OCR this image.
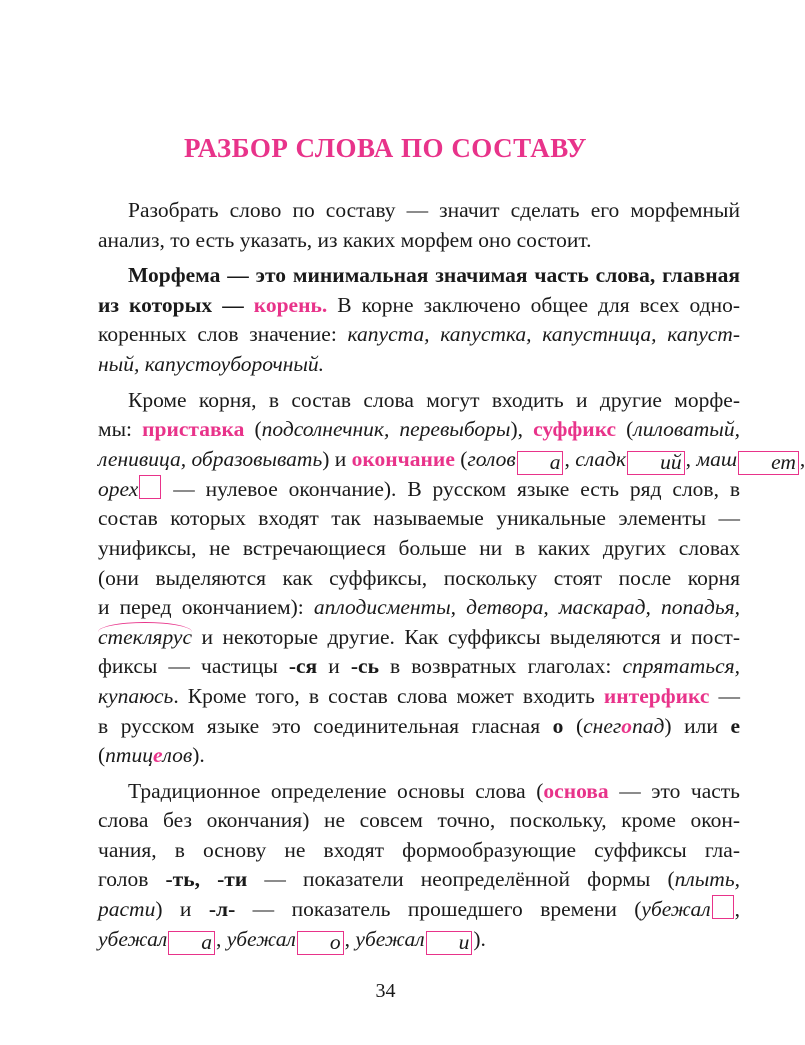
РАЗБОР СЛОВА ПО СОСТАВУ
Разобрать слово по составу — значит сделать его морфемный
анализ, то есть указать, из каких морфем оно состоит.
Морфема — это минимальная значимая часть слова, главная
из которых — корень. В корне заключено общее для всех одно-
коренных слов значение: капуста, капустка, капустница, капуст-
ный, капустоуборочный.
Кроме корня, в состав слова могут входить и другие морфе-
мы: приставка (подсолнечник, перевыборы), суффикс (лиловатый,
ленивица, образовывать) и окончание (голов а , сладк ий , маш ет ,
орех — нулевое окончание). В русском языке есть ряд слов, в
состав которых входят так называемые уникальные элементы —
унификсы, не встречающиеся больше ни в каких других словах
(они выделяются как суффиксы, поскольку стоят после корня
и перед окончанием): аплодисменты, детвора, маскарад, попадья,
стеклярус и некоторые другие. Как суффиксы выделяются и пост-
фиксы — частицы -ся и -сь в возвратных глаголах: спрятаться,
купаюсь. Кроме того, в состав слова может входить интерфикс —
в русском языке это соединительная гласная о (снегопад) или е
(птицелов).
Традиционное определение основы слова (основа — это часть
слова без окончания) не совсем точно, поскольку, кроме окон-
чания, в основу не входят формообразующие суффиксы гла-
голов -ть, -ти — показатели неопределённой формы (плыть,
расти) и -л- — показатель прошедшего времени (убежал ,
убежал а , убежал о , убежал и ).
34
